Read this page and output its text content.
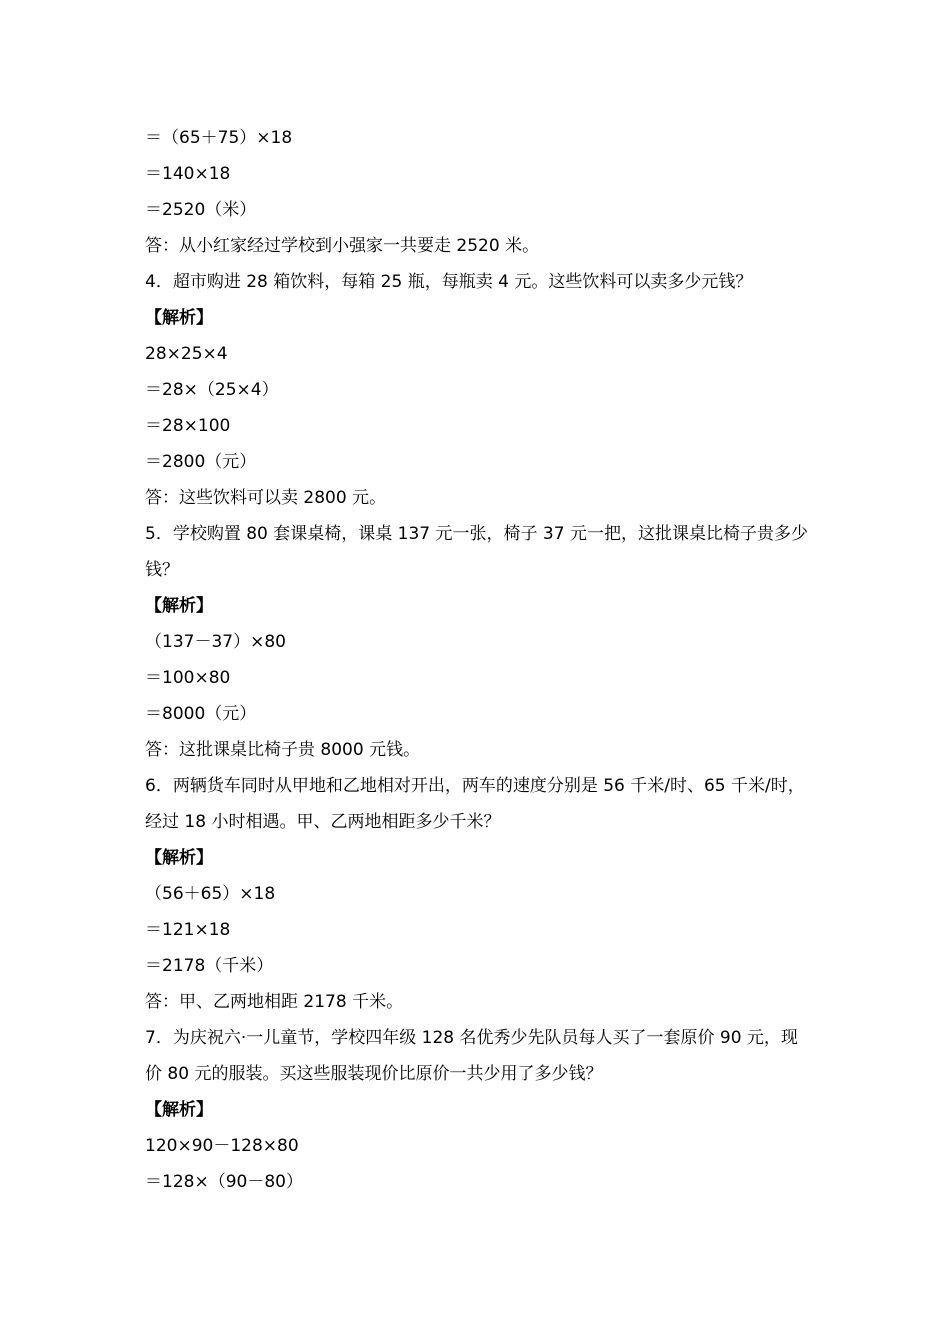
＝（65＋75）×18
＝140×18
＝2520（米）
答：从小红家经过学校到小强家一共要走 2520 米。
4．超市购进 28 箱饮料，每箱 25 瓶，每瓶卖 4 元。这些饮料可以卖多少元钱？
【解析】
28×25×4
＝28×（25×4）
＝28×100
＝2800（元）
答：这些饮料可以卖 2800 元。
5．学校购置 80 套课桌椅，课桌 137 元一张，椅子 37 元一把，这批课桌比椅子贵多少钱？
【解析】
（137－37）×80
＝100×80
＝8000（元）
答：这批课桌比椅子贵 8000 元钱。
6．两辆货车同时从甲地和乙地相对开出，两车的速度分别是 56 千米/时、65 千米/时，经过 18 小时相遇。甲、乙两地相距多少千米？
【解析】
（56＋65）×18
＝121×18
＝2178（千米）
答：甲、乙两地相距 2178 千米。
7．为庆祝六·一儿童节，学校四年级 128 名优秀少先队员每人买了一套原价 90 元，现价 80 元的服装。买这些服装现价比原价一共少用了多少钱？
【解析】
120×90－128×80
＝128×（90－80）
